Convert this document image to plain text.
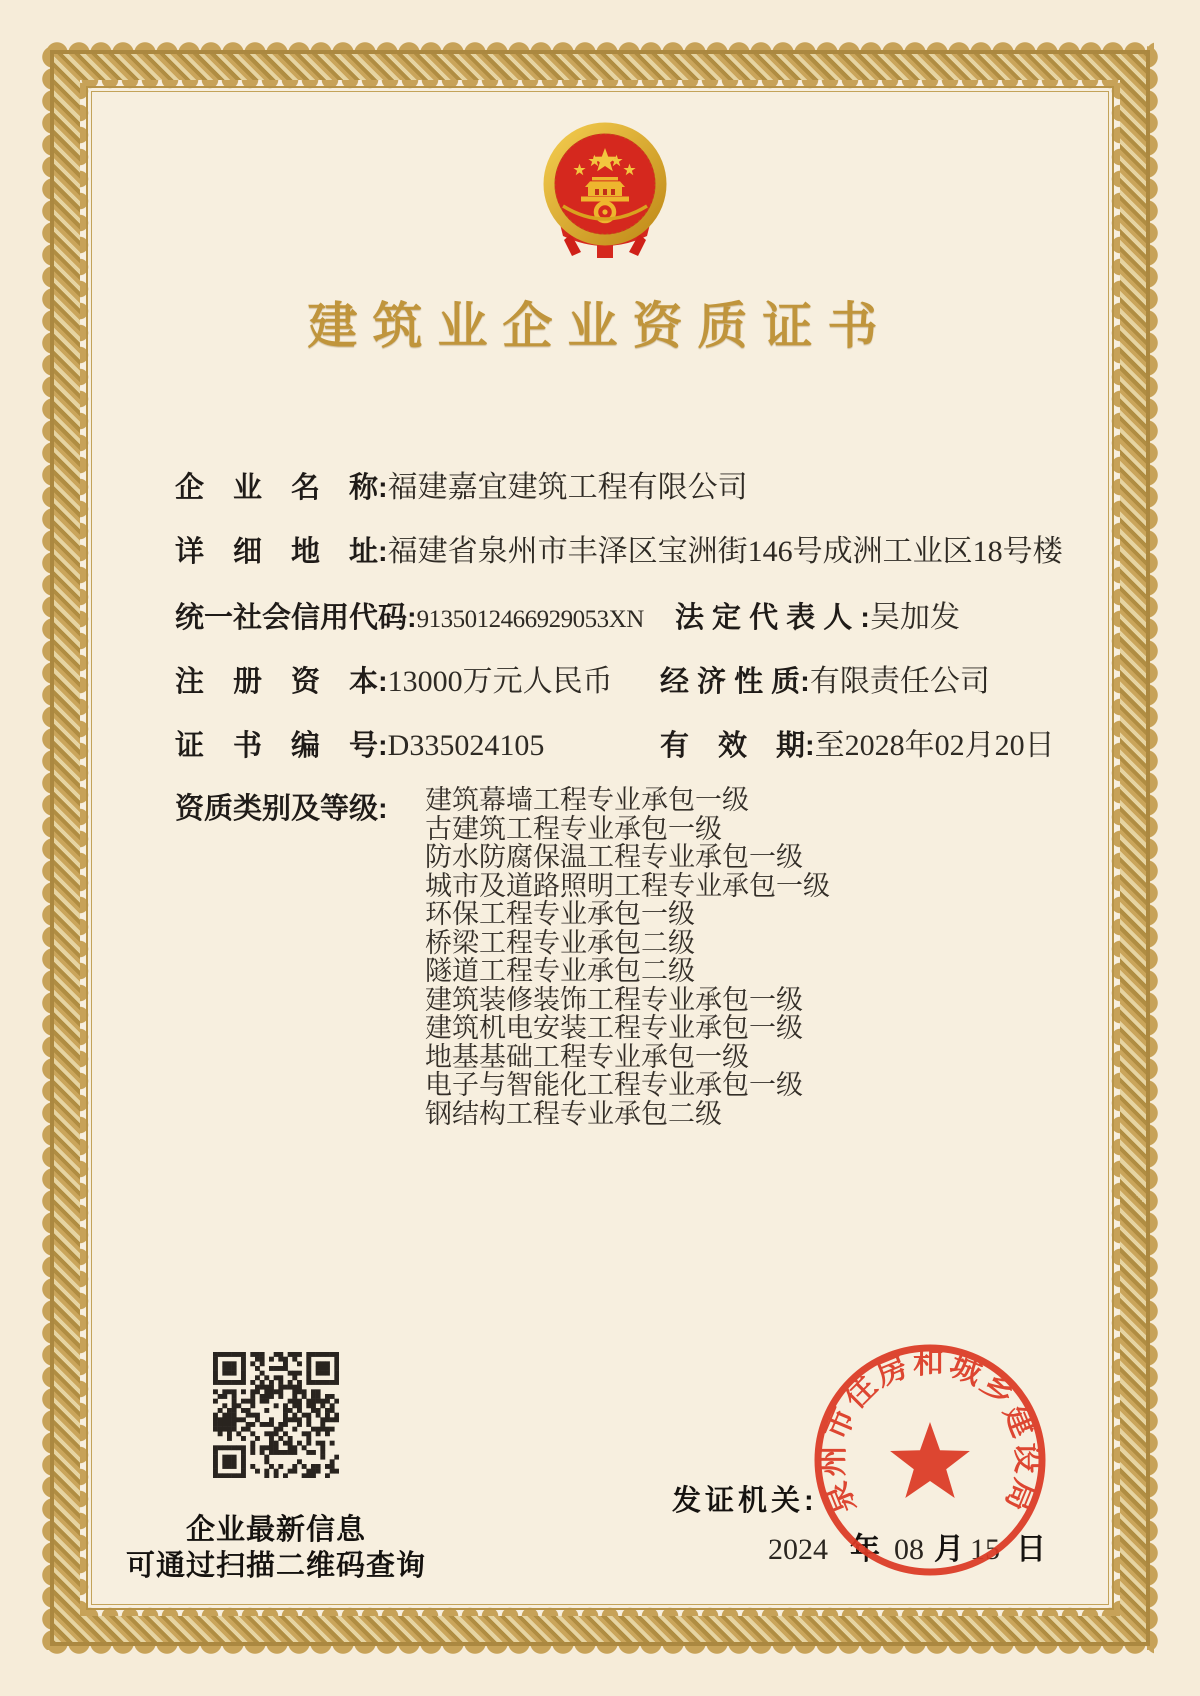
建筑业企业资质证书
企　业　名　称:福建嘉宜建筑工程有限公司
详　细　地　址:福建省泉州市丰泽区宝洲街146号成洲工业区18号楼
统一社会信用代码:9135012466929053XN 法 定 代 表 人 :吴加发
注　册　资　本:13000万元人民币 经 济 性 质:有限责任公司
证　书　编　号:D335024105	有　效　期:至2028年02月20日
资质类别及等级: 建筑幕墙工程专业承包一级
古建筑工程专业承包一级
防水防腐保温工程专业承包一级
城市及道路照明工程专业承包一级
环保工程专业承包一级
桥梁工程专业承包二级
隧道工程专业承包二级
建筑装修装饰工程专业承包一级
建筑机电安装工程专业承包一级
地基基础工程专业承包一级
电子与智能化工程专业承包一级
钢结构工程专业承包二级
企业最新信息
可通过扫描二维码查询
发证机关:
2024 年 08 月 15 日
泉州市住房和城乡建设局
